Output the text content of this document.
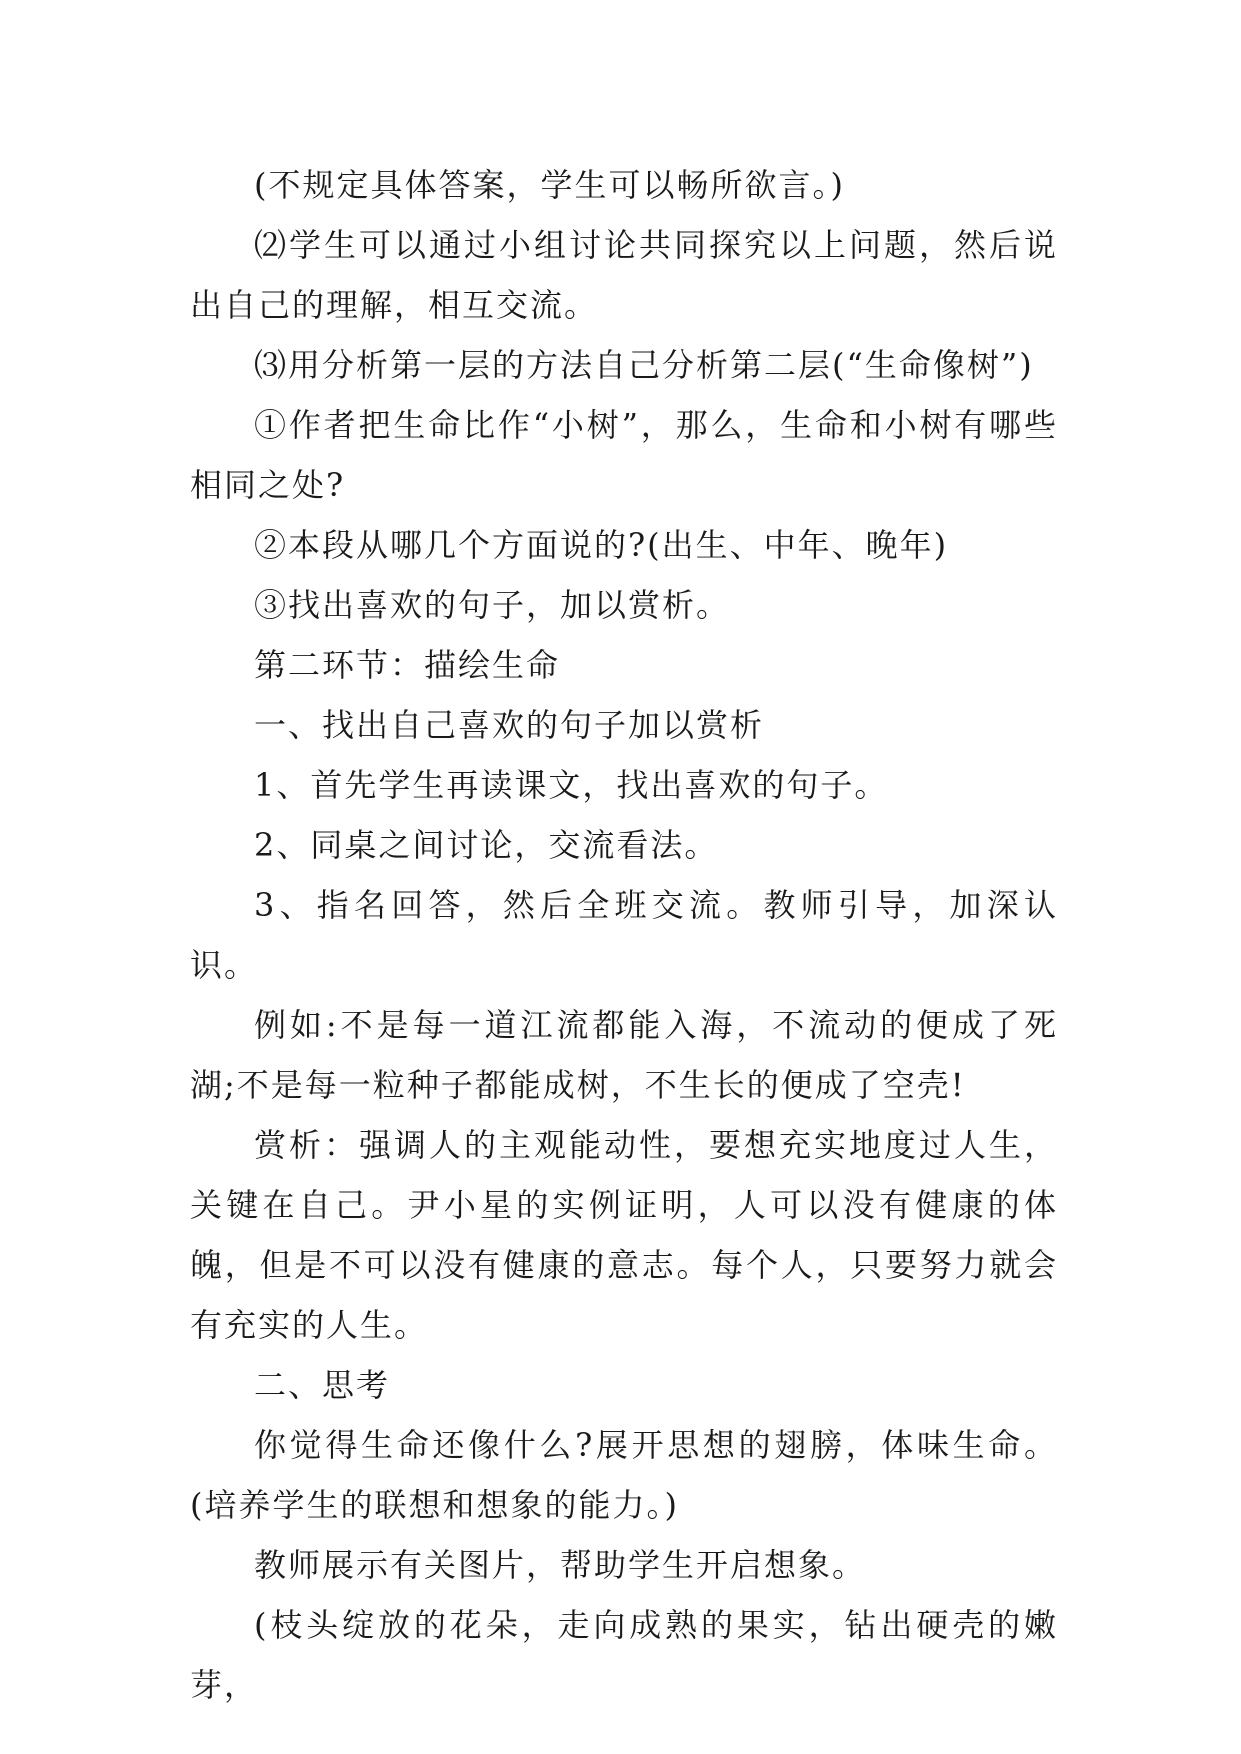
(不规定具体答案，学生可以畅所欲言。)

⑵学生可以通过小组讨论共同探究以上问题，然后说出自己的理解，相互交流。

⑶用分析第一层的方法自己分析第二层(“生命像树”)

①作者把生命比作“小树”，那么，生命和小树有哪些相同之处?

②本段从哪几个方面说的?(出生、中年、晚年)

③找出喜欢的句子，加以赏析。

第二环节：描绘生命

一、找出自己喜欢的句子加以赏析

1、首先学生再读课文，找出喜欢的句子。

2、同桌之间讨论，交流看法。

3、指名回答，然后全班交流。教师引导，加深认识。

例如:不是每一道江流都能入海，不流动的便成了死湖;不是每一粒种子都能成树，不生长的便成了空壳!

赏析：强调人的主观能动性，要想充实地度过人生，关键在自己。尹小星的实例证明，人可以没有健康的体魄，但是不可以没有健康的意志。每个人，只要努力就会有充实的人生。

二、思考

你觉得生命还像什么?展开思想的翅膀，体味生命。(培养学生的联想和想象的能力。)

教师展示有关图片，帮助学生开启想象。

(枝头绽放的花朵，走向成熟的果实，钻出硬壳的嫩芽，
